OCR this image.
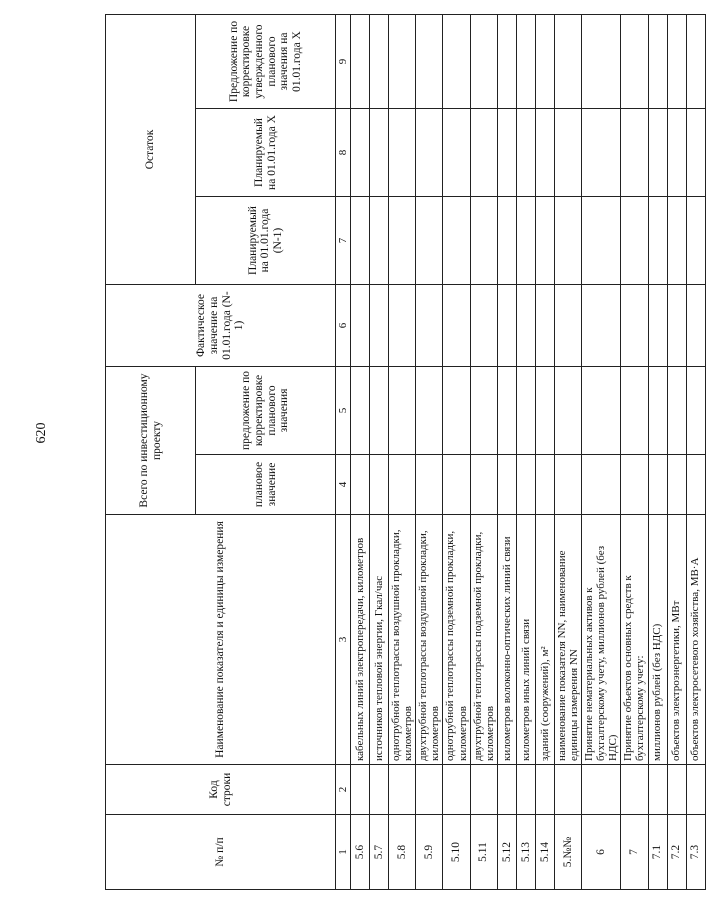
620
№ п/п	Код строки	Наименование показателя и единицы измерения	Всего по инвестиционному проекту		Фактическое значение на 01.01.года (N-1)	Остаток		
			плановое значение	предложение по корректировке планового значения		Планируемый на 01.01.года (N-1)	Планируемый на 01.01.года X	Предложение по корректировке утвержденного планового значения на 01.01.года X
1	2	3	4	5	6	7	8	9
5.6		кабельных линий электропередачи, километров						
5.7		источников тепловой энергии, Гкал/час						
5.8		однотрубной теплотрассы воздушной прокладки, километров						
5.9		двухтрубной теплотрассы воздушной прокладки, километров						
5.10		однотрубной теплотрассы подземной прокладки, километров						
5.11		двухтрубной теплотрассы подземной прокладки, километров						
5.12		километров волоконно-оптических линий связи						
5.13		километров иных линий связи						
5.14		зданий (сооружений), м²						
5.№№		наименование показателя NN, наименование единицы измерения NN						
6		Принятие нематериальных активов к бухгалтерскому учету, миллионов рублей (без НДС)						
7		Принятие объектов основных средств к бухгалтерскому учету:						
7.1		миллионов рублей (без НДС)						
7.2		объектов электроэнергетики, МВт						
7.3		объектов электросетевого хозяйства, МВ·А						
